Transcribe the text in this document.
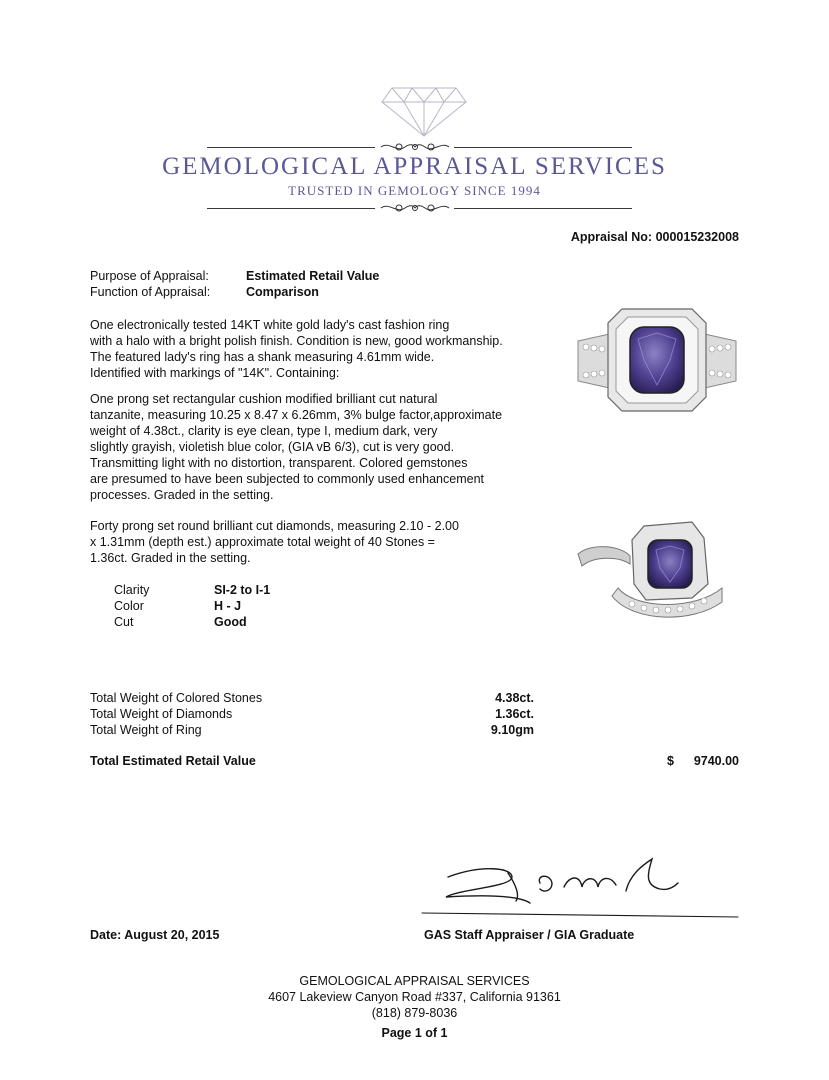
GEMOLOGICAL APPRAISAL SERVICES
TRUSTED IN GEMOLOGY SINCE 1994
Appraisal No: 000015232008
Purpose of Appraisal:	Estimated Retail Value
Function of Appraisal:	Comparison
One electronically tested 14KT white gold lady's cast fashion ring
with a halo with a bright polish finish. Condition is new, good workmanship.
The featured lady's ring has a shank measuring 4.61mm wide.
Identified with markings of "14K". Containing:
One prong set rectangular cushion modified brilliant cut natural
tanzanite, measuring 10.25 x 8.47 x 6.26mm, 3% bulge factor,approximate
weight of 4.38ct., clarity is eye clean, type I, medium dark, very
slightly grayish, violetish blue color, (GIA vB 6/3), cut is very good.
Transmitting light with no distortion, transparent. Colored gemstones
are presumed to have been subjected to commonly used enhancement
processes. Graded in the setting.
Forty prong set round brilliant cut diamonds, measuring 2.10 - 2.00
x 1.31mm (depth est.) approximate total weight of 40 Stones =
1.36ct. Graded in the setting.
Clarity	SI-2 to I-1
Color	H - J
Cut	Good
Total Weight of Colored Stones	4.38ct.
Total Weight of Diamonds	1.36ct.
Total Weight of Ring	9.10gm
Total Estimated Retail Value	$ 9740.00
Date: August 20, 2015	GAS Staff Appraiser / GIA Graduate
GEMOLOGICAL APPRAISAL SERVICES
4607 Lakeview Canyon Road #337, California 91361
(818) 879-8036
Page 1 of 1
